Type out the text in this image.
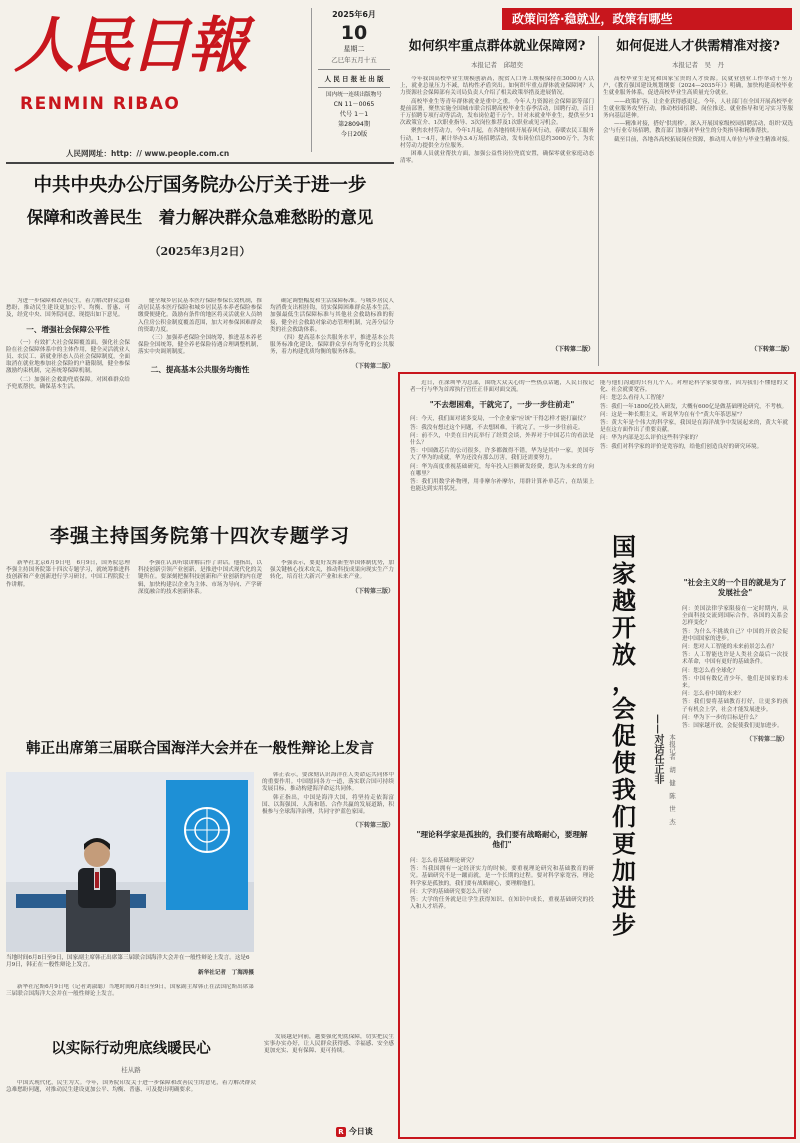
人民日報
RENMIN RIBAO
人民网网址：http：// www.people.com.cn
2025年6月
10
星期二
乙巳年五月十五
人 民 日 报 社 出 版
国内统一连续出版物号
CN 11－0065
代号 1－1
第28094期
今日20版
政策问答·稳就业，政策有哪些
如何织牢重点群体就业保障网?
本报记者　邱超奕

今年我国高校毕业生规模创新高，脱贫人口务工规模保持在3000万人以上，就业总量压力不减，结构性矛盾突出。如何织牢重点群体就业保障网？人力资源社会保障部有关司局负责人介绍了相关政策举措及进展情况。

高校毕业生等青年群体就业是重中之重。今年人力资源社会保障部等部门提前部署，聚焦实施全国城市联合招聘高校毕业生春季活动，国聘行动，百日千万招聘专项行动等活动，发布岗位超千万个。针对未就业毕业生，提供至少1次政策宣介、1次职业指导、3次岗位推荐及1次职业或见习机会。

聚焦农村劳动力，今年1月起，在各地持续开展春风行动，春暖农民工服务行动。1－4月，累计举办3.4万场招聘活动，发布岗位信息约3000万个，为农村劳动力提供全方位服务。

困难人员就业帮扶方面，加强公益性岗位兜底安置，确保零就业家庭动态清零。

（下转第二版）
如何促进人才供需精准对接?
本报记者　吴　丹

高校毕业生是党和国家宝贵的人才资源。民就业创业工作举动干至万户，《教育强国建设规划纲要（2024—2035年）》明确，加快构建高校毕业生就业服务体系，促进高校毕业生高质量充分就业。

——政策扩容，让企业获得感更足。今年，人社部门在全国开展高校毕业生就业服务攻坚行动，推动校园招聘、岗位推送、就业指导和见习实习等服务向基层延伸。

——精准对接，搭好'供需桥'。深入开展国家级校园招聘活动，组织'双选会'与行业专场招聘，教育部门加强对毕业生的分类指导和精准帮扶。

截至目前，各地各高校拓展岗位资源，推动用人单位与毕业生精准对接。

（下转第二版）
中共中央办公厅国务院办公厅关于进一步
保障和改善民生　着力解决群众急难愁盼的意见
（2025年3月2日）

为进一步保障和改善民生，着力解决群众急难愁盼，推动民生建设更加公平、均衡、普惠、可及，经党中央、国务院同意，现提出如下意见。

一、增强社会保障公平性

（一）有效扩大社会保障覆盖面。强化社会保险在社会保障体系中的主体作用，健全灵活就业人员、农民工、新就业形态人员社会保障制度，全面取消在就业地参加社会保险的户籍限制，健全参保激励约束机制，完善统筹保障机制。

（二）加强社会救助兜底保障。对困难群众给予兜底帮扶，确保基本生活。

健全城乡居民基本医疗保险参保长效机制，推动居民基本医疗保险和城乡居民基本养老保险参保缴费便捷化。鼓励有条件的地区将灵活就业人员纳入住房公积金制度覆盖范围，加大对参保困难群众的资助力度。

（三）加强养老保险全国统筹，推进基本养老保险全国统筹，健全养老保险待遇合理调整机制，落实中央调剂制度。

二、提高基本公共服务均衡性

确定调整幅度和生活保障标准。与城乡居民人均消费支出相挂钩，切实保障困难群众基本生活。加强最低生活保障标准与其他社会救助标准的衔接，健全社会救助对象动态管理机制，完善分层分类的社会救助体系。

（四）提高基本公共服务水平，推进基本公共服务标准化建设，保障群众享有均等化的公共服务，着力构建优质均衡的服务体系。

（下转第二版）
李强主持国务院第十四次专题学习

新华社北京6月9日电　6月9日，国务院总理李强主持国务院第十四次专题学习，就统筹推进科技创新和产业创新进行学习研讨。中国工程院院士作讲解。

李强在认真听取讲解后作了讲话。他指出，以科技创新引领产业创新，是推进中国式现代化的关键所在。要深刻把握科技创新和产业创新的内在逻辑，加快构建以企业为主体、市场为导向、产学研深度融合的技术创新体系。

李强表示，要更好发挥新型举国体制优势，加强关键核心技术攻关，推动科技成果向现实生产力转化，培育壮大新兴产业和未来产业。

（下转第三版）
韩正出席第三届联合国海洋大会并在一般性辩论上发言
当地时间6月8日至9日，国家副主席韩正出席第三届联合国海洋大会并在一般性辩论上发言。这是6月9日，韩正在一般性辩论上发言。
新华社记者　丁海涛摄

新华社尼斯6月9日电（记者刘淑聪）当地时间6月8日至9日，国家副主席韩正在法国尼斯出席第三届联合国海洋大会并在一般性辩论上发言。

韩正表示，要深刻认识海洋在人类命运共同体中的重要作用。中国愿同各方一道，落实联合国可持续发展目标，推动构建海洋命运共同体。

韩正指出，中国是海洋大国，将坚持走依海富国、以海强国、人海和谐、合作共赢的发展道路，积极参与全球海洋治理，共同守护蓝色家园。

（下转第三版）
以实际行动兜底线暖民心
桂从路

中国式现代化，民生为大。今年，国务院印发关于进一步保障和改善民生的意见，着力解决群众急难愁盼问题，对推动民生建设更加公平、均衡、普惠、可及提出明确要求。

发展越是向前，越要强化兜底保障，切实把民生实事办实办好，让人民群众获得感、幸福感、安全感更加充实、更有保障、更可持续。

R 今日谈

近日，在深圳华为总部，围绕大众关心的一些热点话题，人民日报记者一行与华为首席执行官任正非面对面交流。

"不去想困难，干就完了，一步一步往前走"

问：今天，我们面对诸多变局，一个企业家"应该"干得怎样才能打赢仗？

答：我没有想过这个问题，不去想困难，干就完了，一步一步往前走。

问：前不久，中美在日内瓦举行了经贸会谈，外界对于中国芯片的看法是什么？

答：中国做芯片的公司很多，许多都做得不错，华为是其中一家。美国夸大了华为的成就，华为还没有那么厉害，我们还需要努力。

问：华为高度重视基础研究，每年投入巨额研发经费，您认为未来的方向在哪里？

答：我们用数学补物理，用非摩尔补摩尔，用群计算补单芯片，在结果上也能达到实用状况。

"理论科学家是孤独的，我们要有战略耐心，要理解他们"

问：怎么看基础理论研究？

答：当我国拥有一定经济实力的时候，要重视理论研究和基础教育的研究。基础研究不是一蹴而就，是一个长期的过程。要对科学家宽容，理论科学家是孤独的，我们要有战略耐心，要理解他们。

问：大学的基础研究要怎么开展？

答：大学的任务就是让学生获得知识、在知识中成长，重视基础研究的投入和人才培养。

国
家
越
开
放
，
会
促
使
我
们
更
加
进
步
——对话任正非 本报记者　胡　健　陈　世　杰

能与他们沟通的只有几个人。对理论科学家要尊重，因为我们不懂他的文化、社会就要宽容。

问：您怎么看待人工智能？

答：我们一年1800亿投入研发，大概有600亿是做基础理论研究，不考核。

问：这是一种长期主义，听说华为在有个"黄大年茶思屋"？

答：黄大年是个伟大的科学家，我国是在海洋战争中发展起来的，黄大年就是在这方面作出了重要贡献。

问：华为内部是怎么评价这些科学家的？

答：我们对科学家的评价是宽容的，给他们创造良好的研究环境。

"社会主义的一个目的就是为了发展社会"

问：美国法律学家限接在一定时期内，从全面科技交流到国际合作，各国的关系会怎样变化？

答：为什么不挑战自己？中国的开放会促进中国国家的进步。

问：您对人工智能的未来前景怎么看？

答：人工智能也许是人类社会最后一次技术革命，中国有更好的基础条件。

问：您怎么看全球化？

答：中国有数亿青少年，他们是国家的未来。

问：怎么看中国的未来？

答：我们要将基础教育打好，让更多的孩子有机会上学，社会才能发展进步。

问：华为下一步的目标是什么？

答：国家越开放，会促使我们更加进步。

（下转第二版）
